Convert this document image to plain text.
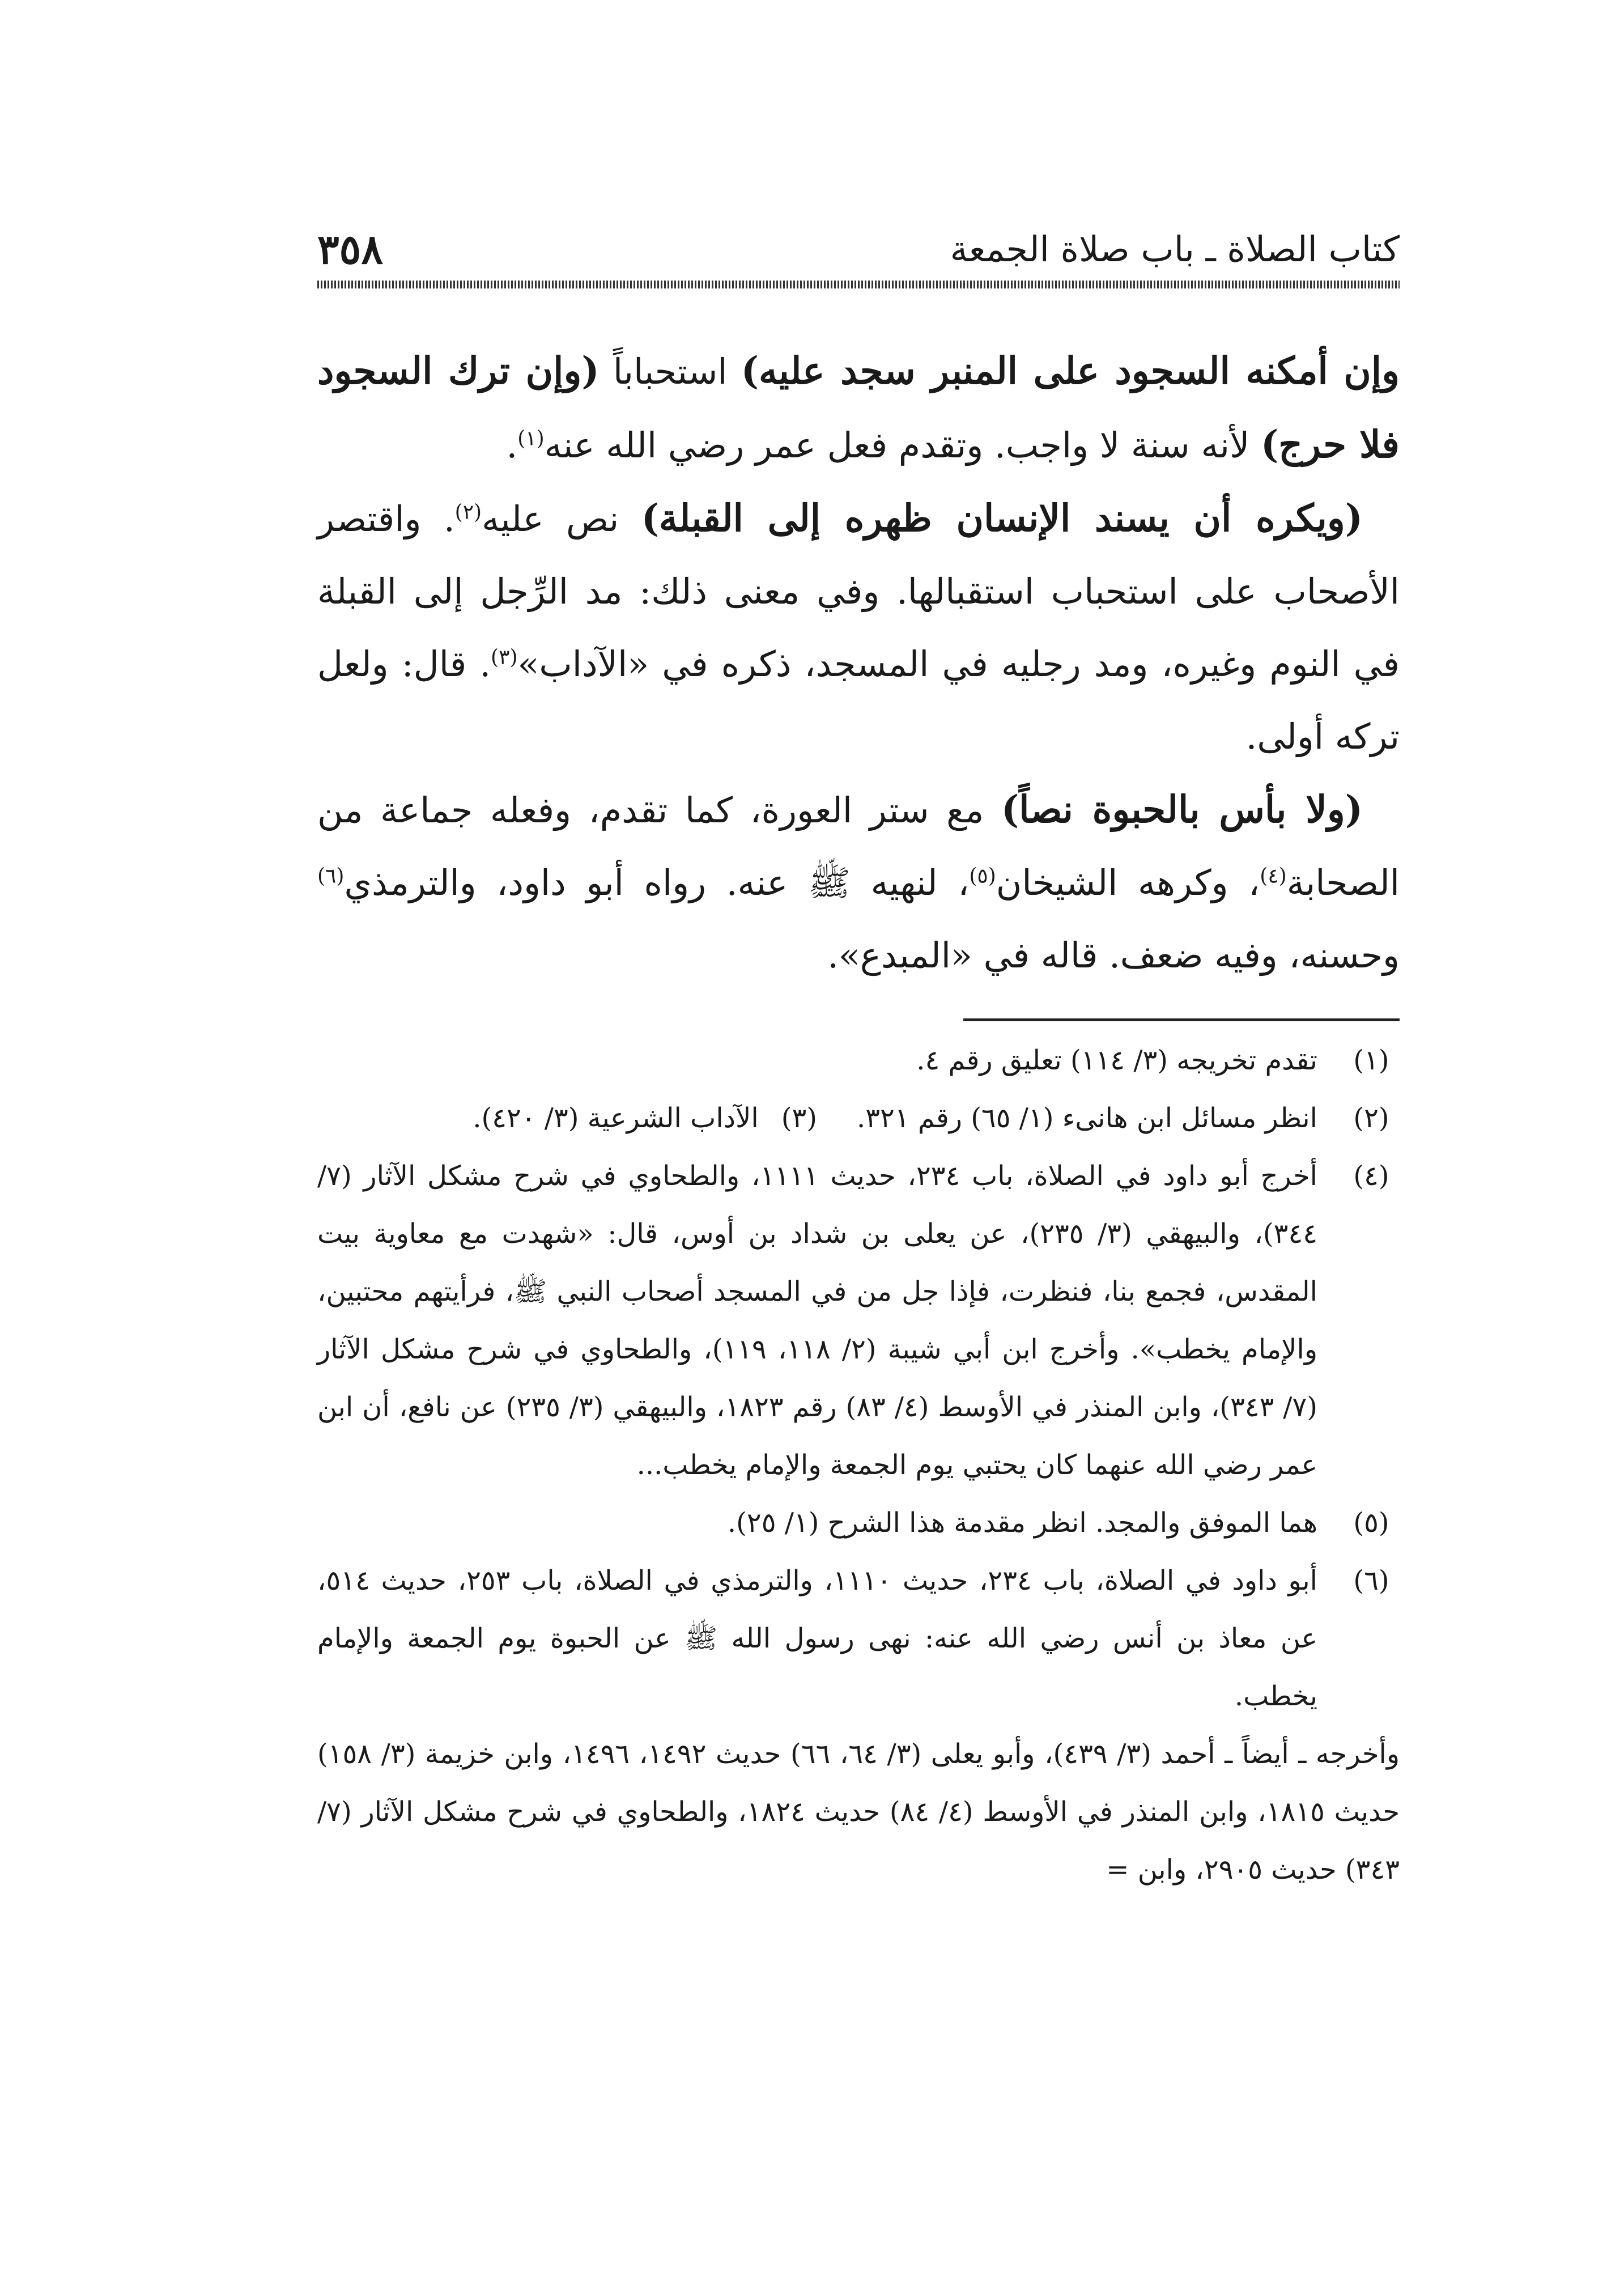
كتاب الصلاة ـ باب صلاة الجمعة
٣٥٨

وإن أمكنه السجود على المنبر سجد عليه) استحباباً (وإن ترك السجود فلا حرج) لأنه سنة لا واجب. وتقدم فعل عمر رضي الله عنه$^{(١)}$.

(ويكره أن يسند الإنسان ظهره إلى القبلة) نص عليه$^{(٢)}$. واقتصر الأصحاب على استحباب استقبالها. وفي معنى ذلك: مد الرِّجل إلى القبلة في النوم وغيره، ومد رجليه في المسجد، ذكره في «الآداب»$^{(٣)}$. قال: ولعل تركه أولى.

(ولا بأس بالحبوة نصاً) مع ستر العورة، كما تقدم، وفعله جماعة من الصحابة$^{(٤)}$، وكرهه الشيخان$^{(٥)}$، لنهيه ﷺ عنه. رواه أبو داود، والترمذي$^{(٦)}$ وحسنه، وفيه ضعف. قاله في «المبدع».

(١)
تقدم تخريجه (٣/ ١١٤) تعليق رقم ٤.
(٢)
انظر مسائل ابن هانىء (١/ ٦٥) رقم ٣٢١.(٣)الآداب الشرعية (٣/ ٤٢٠).
(٤)
أخرج أبو داود في الصلاة، باب ٢٣٤، حديث ١١١١، والطحاوي في شرح مشكل الآثار (٧/ ٣٤٤)، والبيهقي (٣/ ٢٣٥)، عن يعلى بن شداد بن أوس، قال: «شهدت مع معاوية بيت المقدس، فجمع بنا، فنظرت، فإذا جل من في المسجد أصحاب النبي ﷺ، فرأيتهم محتبين، والإمام يخطب». وأخرج ابن أبي شيبة (٢/ ١١٨، ١١٩)، والطحاوي في شرح مشكل الآثار (٧/ ٣٤٣)، وابن المنذر في الأوسط (٤/ ٨٣) رقم ١٨٢٣، والبيهقي (٣/ ٢٣٥) عن نافع، أن ابن عمر رضي الله عنهما كان يحتبي يوم الجمعة والإمام يخطب...
(٥)
هما الموفق والمجد. انظر مقدمة هذا الشرح (١/ ٢٥).
(٦)
أبو داود في الصلاة، باب ٢٣٤، حديث ١١١٠، والترمذي في الصلاة، باب ٢٥٣، حديث ٥١٤، عن معاذ بن أنس رضي الله عنه: نهى رسول الله ﷺ عن الحبوة يوم الجمعة والإمام يخطب.
وأخرجه ـ أيضاً ـ أحمد (٣/ ٤٣٩)، وأبو يعلى (٣/ ٦٤، ٦٦) حديث ١٤٩٢، ١٤٩٦، وابن خزيمة (٣/ ١٥٨) حديث ١٨١٥، وابن المنذر في الأوسط (٤/ ٨٤) حديث ١٨٢٤، والطحاوي في شرح مشكل الآثار (٧/ ٣٤٣) حديث ٢٩٠٥، وابن =
